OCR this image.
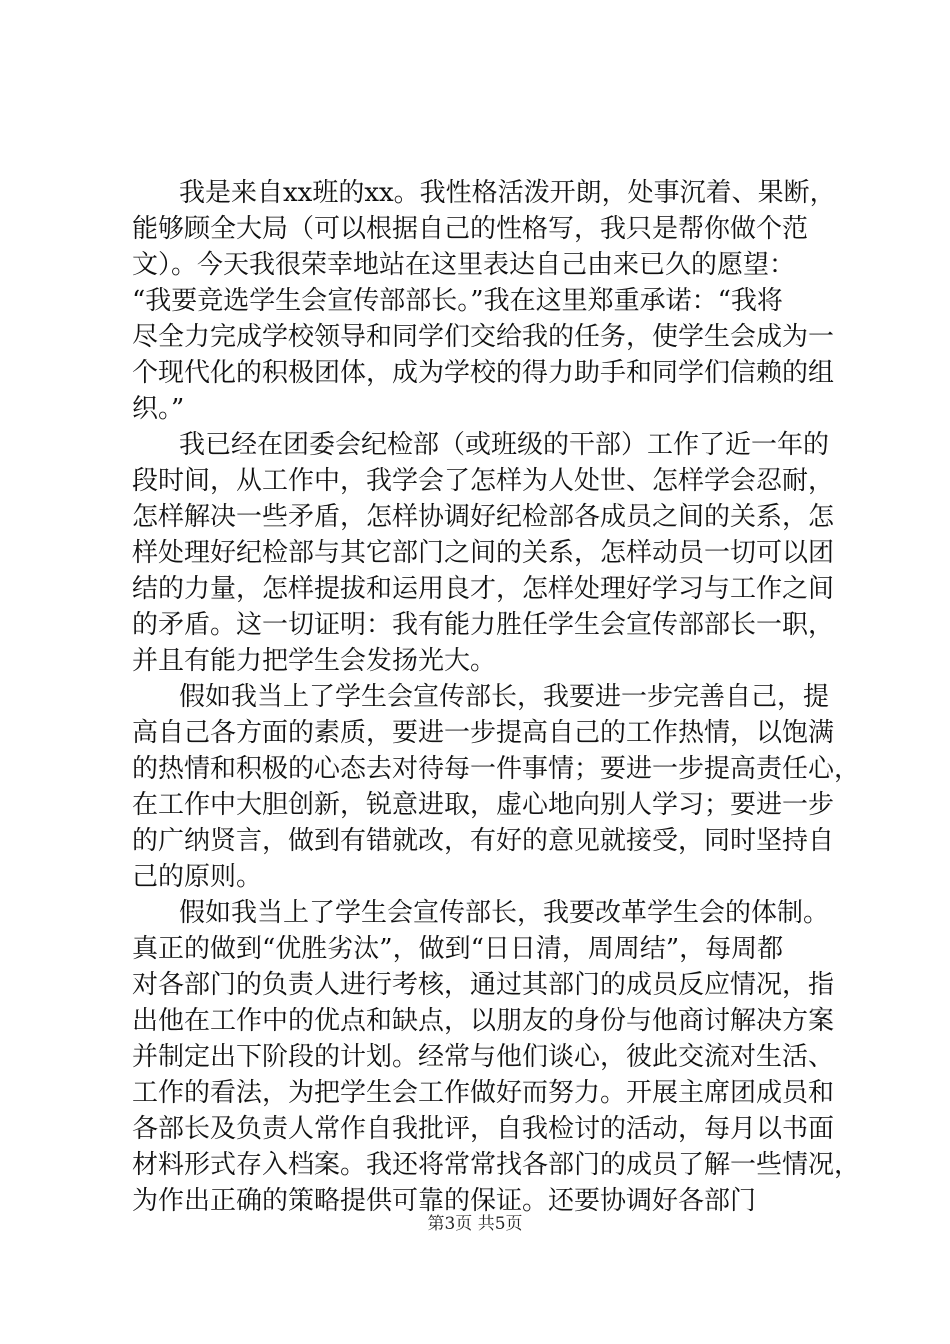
我是来自xx班的xx。我性格活泼开朗，处事沉着、果断，
能够顾全大局（可以根据自己的性格写，我只是帮你做个范
文）。今天我很荣幸地站在这里表达自己由来已久的愿望：
“我要竞选学生会宣传部部长。”我在这里郑重承诺：“我将
尽全力完成学校领导和同学们交给我的任务，使学生会成为一
个现代化的积极团体，成为学校的得力助手和同学们信赖的组
织。”
我已经在团委会纪检部（或班级的干部）工作了近一年的
段时间，从工作中，我学会了怎样为人处世、怎样学会忍耐，
怎样解决一些矛盾，怎样协调好纪检部各成员之间的关系，怎
样处理好纪检部与其它部门之间的关系，怎样动员一切可以团
结的力量，怎样提拔和运用良才，怎样处理好学习与工作之间
的矛盾。这一切证明：我有能力胜任学生会宣传部部长一职，
并且有能力把学生会发扬光大。
假如我当上了学生会宣传部长，我要进一步完善自己，提
高自己各方面的素质，要进一步提高自己的工作热情，以饱满
的热情和积极的心态去对待每一件事情；要进一步提高责任心，
在工作中大胆创新，锐意进取，虚心地向别人学习；要进一步
的广纳贤言，做到有错就改，有好的意见就接受，同时坚持自
己的原则。
假如我当上了学生会宣传部长，我要改革学生会的体制。
真正的做到“优胜劣汰”，做到“日日清，周周结”，每周都
对各部门的负责人进行考核，通过其部门的成员反应情况，指
出他在工作中的优点和缺点，以朋友的身份与他商讨解决方案
并制定出下阶段的计划。经常与他们谈心，彼此交流对生活、
工作的看法，为把学生会工作做好而努力。开展主席团成员和
各部长及负责人常作自我批评，自我检讨的活动，每月以书面
材料形式存入档案。我还将常常找各部门的成员了解一些情况，
为作出正确的策略提供可靠的保证。还要协调好各部门
第3页 共5页
